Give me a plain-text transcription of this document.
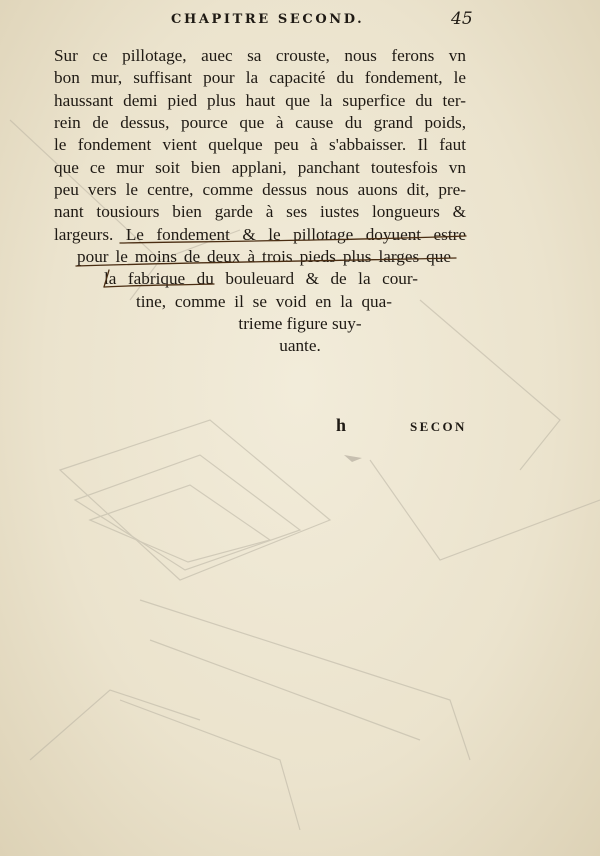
CHAPITRE SECOND.	45
Sur ce pillotage, auec sa crouste, nous ferons vn
bon mur, suffisant pour la capacité du fondement, le
haussant demi pied plus haut que la superfice du ter-
rein de dessus, pource que à cause du grand poids,
le fondement vient quelque peu à s'abbaisser. Il faut
que ce mur soit bien applani, panchant toutesfois vn
peu vers le centre, comme dessus nous auons dit, pre-
nant tousiours bien garde à ses iustes longueurs &
largeurs. Le fondement & le pillotage doyuent estre
pour le moins de deux à trois pieds plus larges que
la fabrique du bouleuard & de la cour-
tine, comme il se void en la qua-
trieme figure suy-
uante.
h	SECON
